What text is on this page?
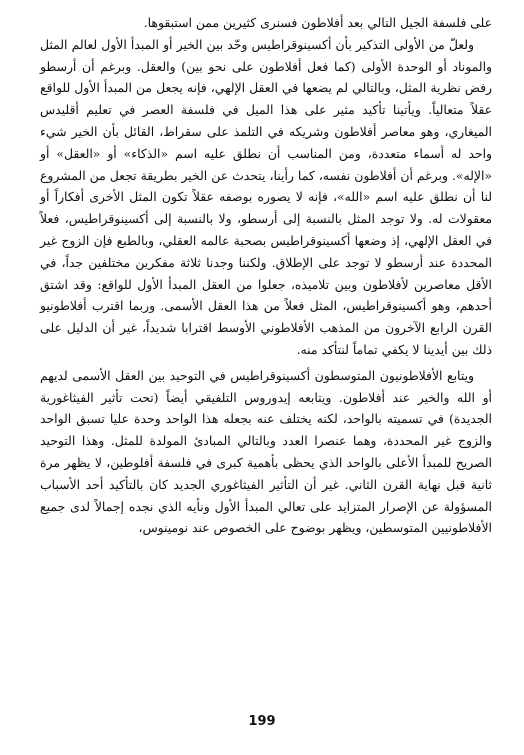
على فلسفة الجيل التالي بعد أفلاطون فسنرى كثيرين ممن استبقوها.

ولعلّ من الأولى التذكير بأن أكسينوقراطيس وحّد بين الخير أو المبدأ الأول لعالم المثل والموناد أو الوحدة الأولى (كما فعل أفلاطون على نحو بين) والعقل. وبرغم أن أرسطو رفض نظرية المثل، وبالتالي لم يضعها في العقل الإلهي، فإنه يجعل من المبدأ الأول للواقع عقلاً متعالياً. ويأتينا تأكيد مثير على هذا الميل في فلسفة العصر في تعليم أقليدس الميغاري، وهو معاصر أفلاطون وشريكه في التلمذ على سقراط، القائل بأن الخير شيء واحد له أسماء متعددة، ومن المناسب أن نطلق عليه اسم «الذكاء» أو «العقل» أو «الإله». وبرغم أن أفلاطون نفسه، كما رأينا، يتحدث عن الخير بطريقة تجعل من المشروع لنا أن نطلق عليه اسم «الله»، فإنه لا يصوره بوصفه عقلاً تكون المثل الأخرى أفكاراً أو معقولات له. ولا توجد المثل بالنسبة إلى أرسطو، ولا بالنسبة إلى أكسينوقراطيس، فعلاً في العقل الإلهي، إذ وضعها أكسينوقراطيس بصحبة عالمه العقلي، وبالطبع فإن الزوج غير المحددة عند أرسطو لا توجد على الإطلاق. ولكننا وجدنا ثلاثة مفكرين مختلفين جداً، في الأقل معاصرين لأفلاطون وبين تلاميذه، جعلوا من العقل المبدأ الأول للواقع: وقد اشتق أحدهم، وهو أكسينوقراطيس، المثل فعلاً من هذا العقل الأسمى. وربما اقترب أفلاطونيو القرن الرابع الآخرون من المذهب الأفلاطوني الأوسط اقترابا شديداً، غير أن الدليل على ذلك بين أيدينا لا يكفي تماماً لنتأكد منه.

ويتابع الأفلاطونيون المتوسطون أكسينوقراطيس في التوحيد بين العقل الأسمى لديهم أو الله والخير عند أفلاطون. ويتابعه إيدوروس التلفيقي أيضاً (تحت تأثير الفيثاغورية الجديدة) في تسميته بالواحد، لكنه يختلف عنه بجعله هذا الواحد وحدة عليا تسبق الواحد والزوج غير المحددة، وهما عنصرا العدد وبالتالي المبادئ المولدة للمثل. وهذا التوحيد الصريح للمبدأ الأعلى بالواحد الذي يحظى بأهمية كبرى في فلسفة أفلوطين، لا يظهر مرة ثانية قبل نهاية القرن الثاني. غير أن التأثير الفيثاغوري الجديد كان بالتأكيد أحد الأسباب المسؤولة عن الإصرار المتزايد على تعالي المبدأ الأول ونأيه الذي نجده إجمالاً لدى جميع الأفلاطونيين المتوسطين، ويظهر بوضوح على الخصوص عند نومينوس،

199
